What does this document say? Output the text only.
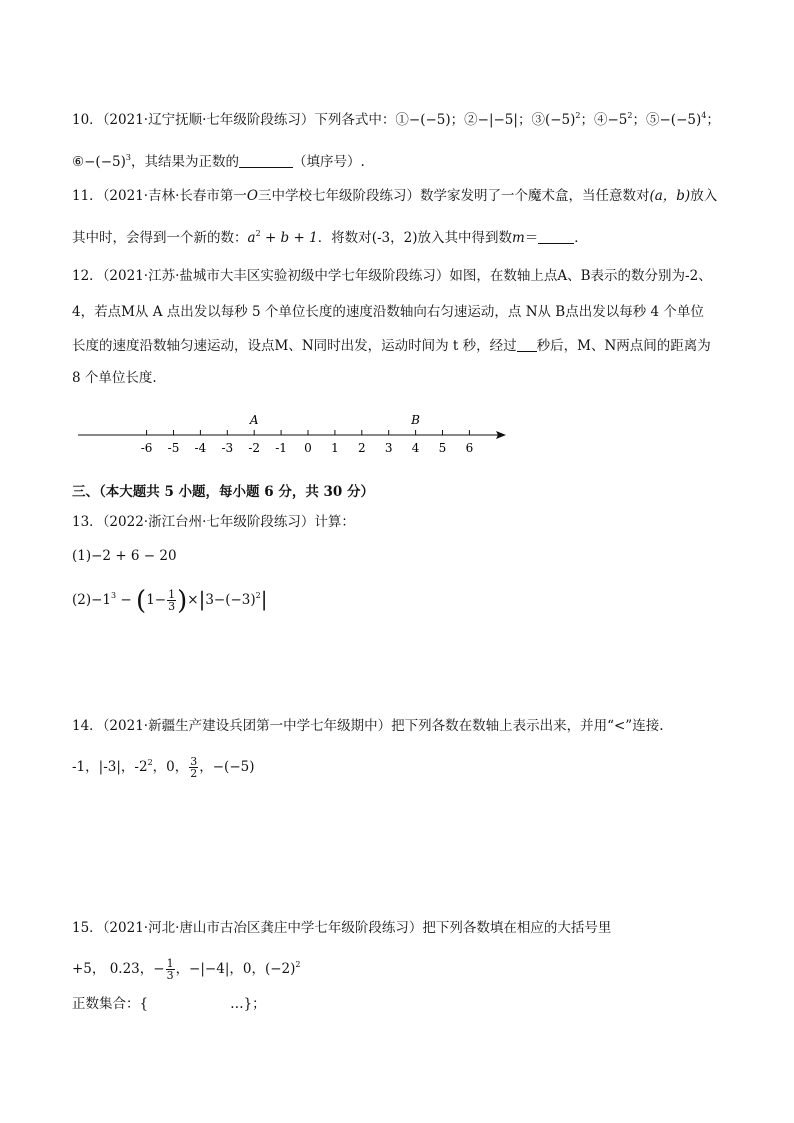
10．（2021·辽宁抚顺·七年级阶段练习）下列各式中：①−(−5)；②−|−5|；$③(-5)^2$；$④-5^2$；$⑤-(-5)^4$；
$⑥-(-5)^3$，其结果为正数的	（填序号）.
11．（2021·吉林·长春市第一O三中学校七年级阶段练习）数学家发明了一个魔术盒，当任意数对(a，b)放入
其中时，会得到一个新的数：$a^2 + b + 1$．将数对(-3，2)放入其中得到数m＝	．
12．（2021·江苏·盐城市大丰区实验初级中学七年级阶段练习）如图，在数轴上点A、B表示的数分别为-2、
4，若点M从 A 点出发以每秒 5 个单位长度的速度沿数轴向右匀速运动，点 N从 B点出发以每秒 4 个单位
长度的速度沿数轴匀速运动，设点M、N同时出发，运动时间为 t 秒，经过 秒后，M、N两点间的距离为
8 个单位长度.
-6 -5 -4 -3 -2 -1 0 1 2 3 4 5 6
A	B
三、（本大题共 5 小题，每小题 6 分，共 30 分）
13．（2022·浙江台州·七年级阶段练习）计算：
(1)−2 + 6 − 20
$(2)-1^3 - (1- \frac{1}{3} )\times|3-(-3)^2|$
14．（2021·新疆生产建设兵团第一中学七年级期中）把下列各数在数轴上表示出来，并用“<”连接.
-1，|-3|，$-2^2$，0， $\frac{3}{2}$ ，−(−5)
15．（2021·河北·唐山市古冶区龚庄中学七年级阶段练习）把下列各数填在相应的大括号里
+5， 0.23，− $\frac{1}{3}$ ，−|−4|，0，$(-2)^2$
正数集合：{	…}；
